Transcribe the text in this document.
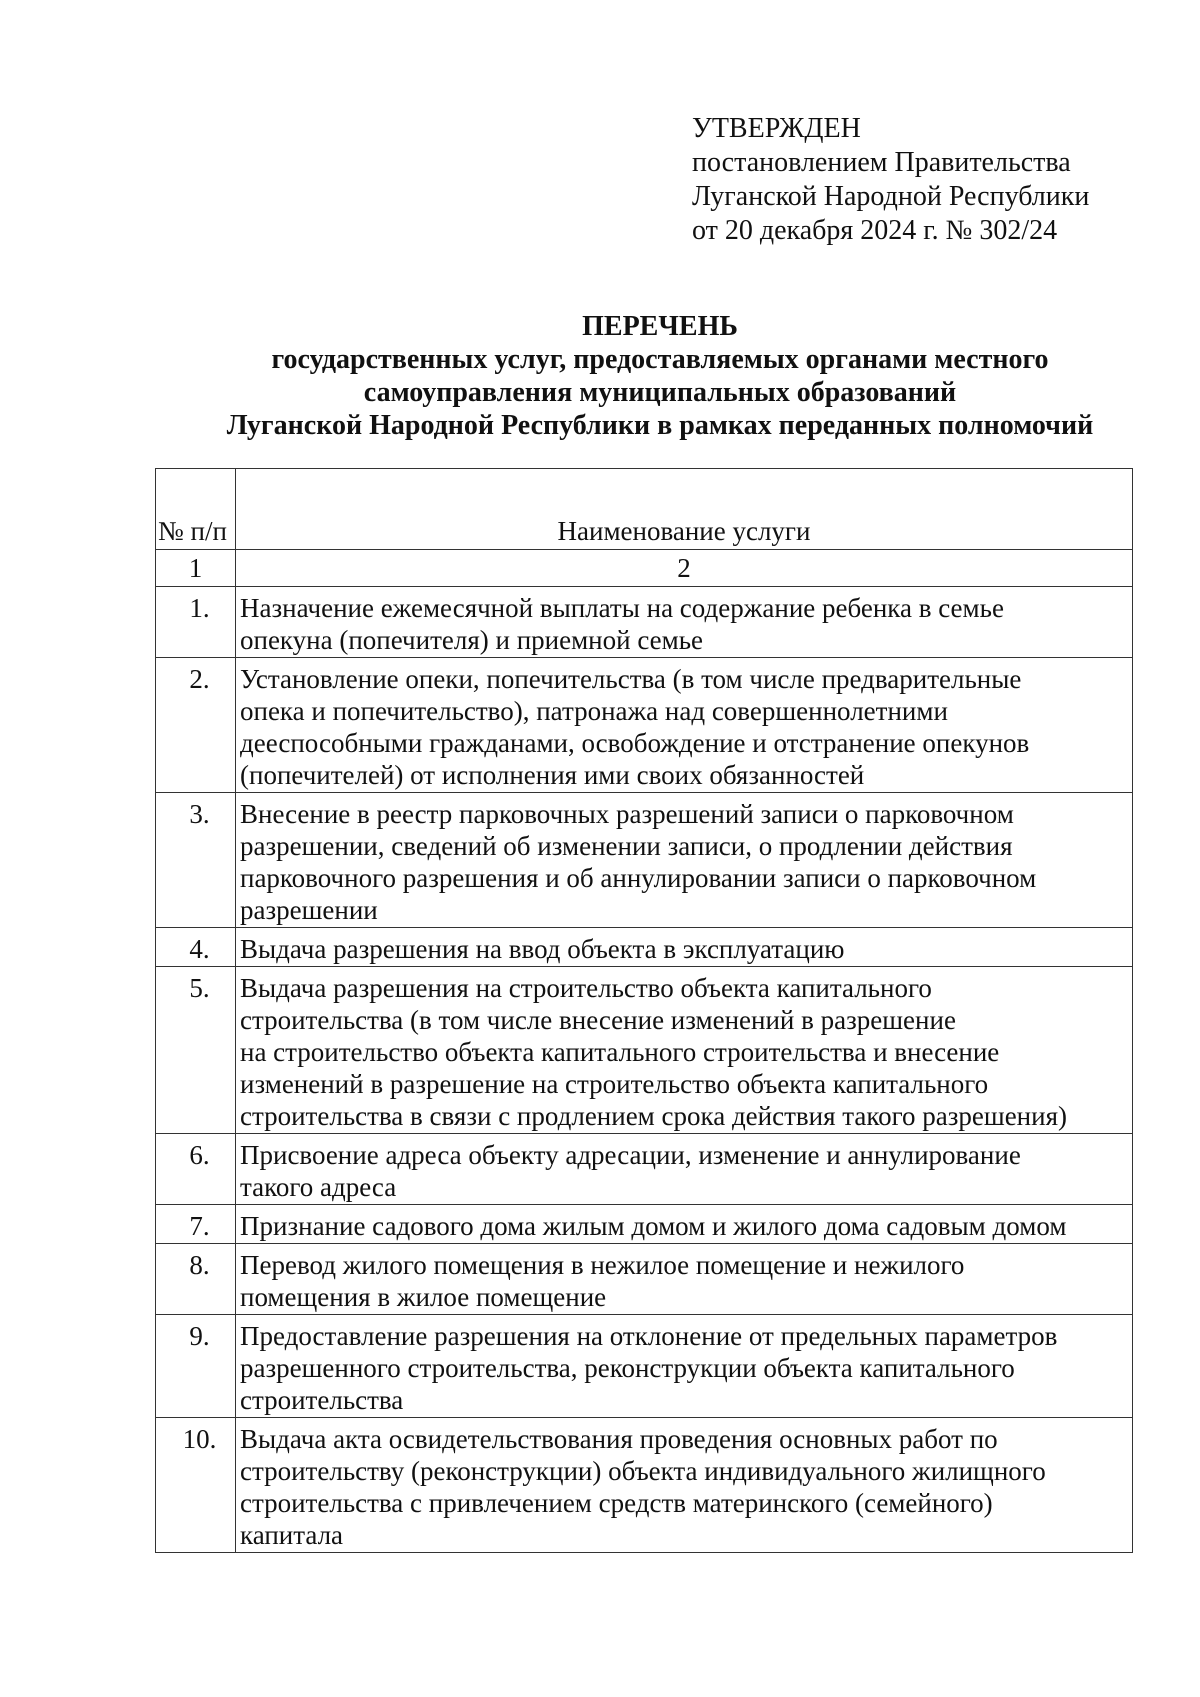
УТВЕРЖДЕН
постановлением Правительства
Луганской Народной Республики
от 20 декабря 2024 г. № 302/24
ПЕРЕЧЕНЬ
государственных услуг, предоставляемых органами местного
самоуправления муниципальных образований
Луганской Народной Республики в рамках переданных полномочий
№ п/п	Наименование услуги
1	2
1.	Назначение ежемесячной выплаты на содержание ребенка в семье
опекуна (попечителя) и приемной семье

2.	Установление опеки, попечительства (в том числе предварительные
опека и попечительство), патронажа над совершеннолетними
дееспособными гражданами, освобождение и отстранение опекунов
(попечителей) от исполнения ими своих обязанностей

3.	Внесение в реестр парковочных разрешений записи о парковочном
разрешении, сведений об изменении записи, о продлении действия
парковочного разрешения и об аннулировании записи о парковочном
разрешении

4.	Выдача разрешения на ввод объекта в эксплуатацию

5.	Выдача разрешения на строительство объекта капитального
строительства (в том числе внесение изменений в разрешение
на строительство объекта капитального строительства и внесение
изменений в разрешение на строительство объекта капитального
строительства в связи с продлением срока действия такого разрешения)

6.	Присвоение адреса объекту адресации, изменение и аннулирование
такого адреса

7.	Признание садового дома жилым домом и жилого дома садовым домом

8.	Перевод жилого помещения в нежилое помещение и нежилого
помещения в жилое помещение

9.	Предоставление разрешения на отклонение от предельных параметров
разрешенного строительства, реконструкции объекта капитального
строительства

10.	Выдача акта освидетельствования проведения основных работ по
строительству (реконструкции) объекта индивидуального жилищного
строительства с привлечением средств материнского (семейного)
капитала
